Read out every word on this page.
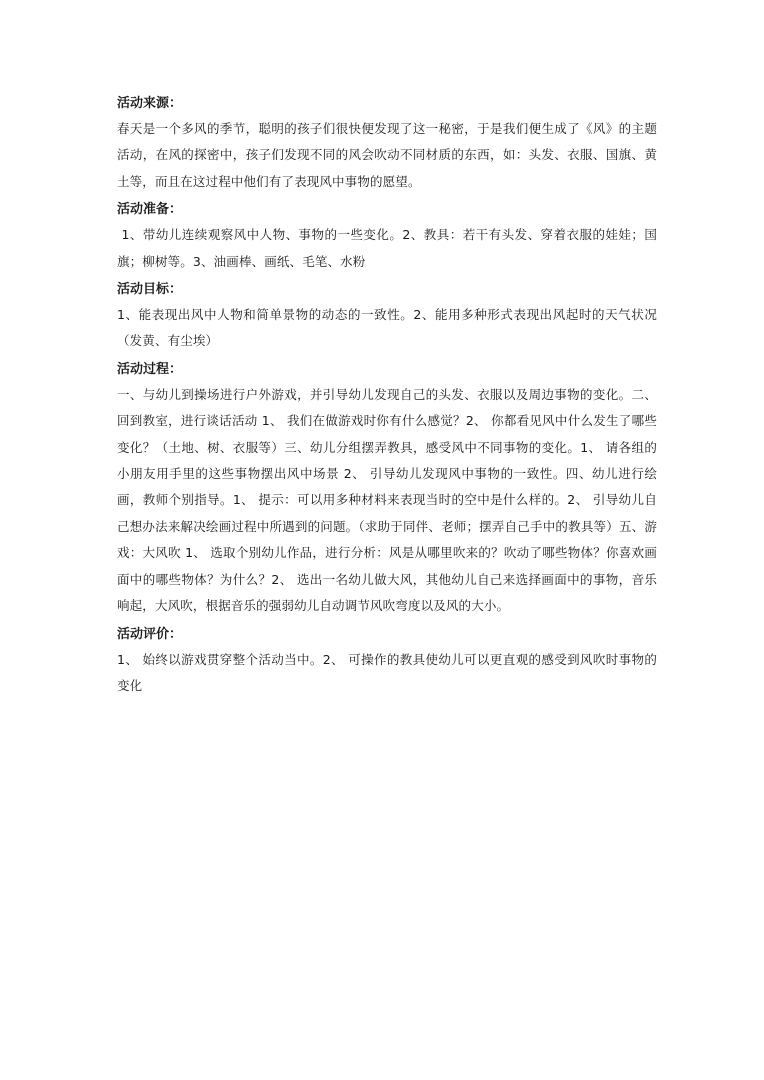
活动来源：

春天是一个多风的季节，聪明的孩子们很快便发现了这一秘密，于是我们便生成了《风》的主题活动，在风的探密中，孩子们发现不同的风会吹动不同材质的东西，如：头发、衣服、国旗、黄土等，而且在这过程中他们有了表现风中事物的愿望。

活动准备：

1、带幼儿连续观察风中人物、事物的一些变化。2、教具：若干有头发、穿着衣服的娃娃；国旗；柳树等。3、油画棒、画纸、毛笔、水粉

活动目标：

1、能表现出风中人物和简单景物的动态的一致性。2、能用多种形式表现出风起时的天气状况（发黄、有尘埃）

活动过程：

一、与幼儿到操场进行户外游戏，并引导幼儿发现自己的头发、衣服以及周边事物的变化。二、回到教室，进行谈话活动 1、 我们在做游戏时你有什么感觉？2、 你都看见风中什么发生了哪些变化？（土地、树、衣服等）三、幼儿分组摆弄教具，感受风中不同事物的变化。1、 请各组的小朋友用手里的这些事物摆出风中场景 2、 引导幼儿发现风中事物的一致性。四、幼儿进行绘画，教师个别指导。1、 提示：可以用多种材料来表现当时的空中是什么样的。2、 引导幼儿自己想办法来解决绘画过程中所遇到的问题。（求助于同伴、老师；摆弄自己手中的教具等）五、游戏：大风吹 1、 选取个别幼儿作品，进行分析：风是从哪里吹来的？吹动了哪些物体？你喜欢画面中的哪些物体？为什么？2、 选出一名幼儿做大风，其他幼儿自己来选择画面中的事物，音乐响起，大风吹，根据音乐的强弱幼儿自动调节风吹弯度以及风的大小。

活动评价：

1、 始终以游戏贯穿整个活动当中。2、 可操作的教具使幼儿可以更直观的感受到风吹时事物的变化
